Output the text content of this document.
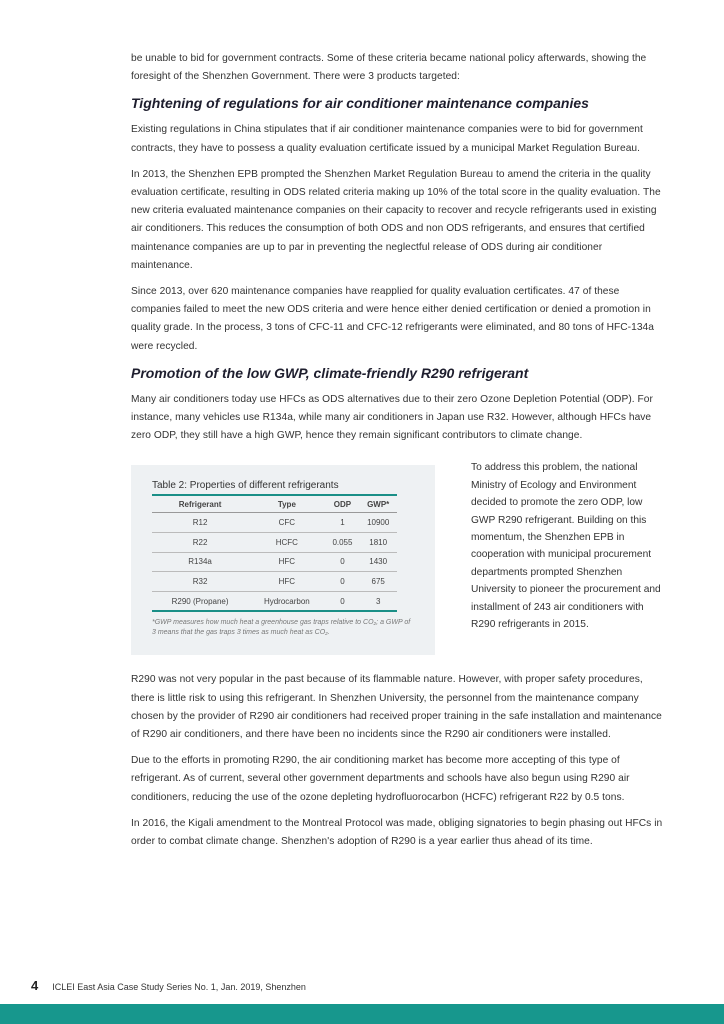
be unable to bid for government contracts. Some of these criteria became national policy afterwards, showing the foresight of the Shenzhen Government. There were 3 products targeted:

Tightening of regulations for air conditioner maintenance companies

Existing regulations in China stipulates that if air conditioner maintenance companies were to bid for government contracts, they have to possess a quality evaluation certificate issued by a municipal Market Regulation Bureau.

In 2013, the Shenzhen EPB prompted the Shenzhen Market Regulation Bureau to amend the criteria in the quality evaluation certificate, resulting in ODS related criteria making up 10% of the total score in the quality evaluation. The new criteria evaluated maintenance companies on their capacity to recover and recycle refrigerants used in existing air conditioners. This reduces the consumption of both ODS and non ODS refrigerants, and ensures that certified maintenance companies are up to par in preventing the neglectful release of ODS during air conditioner maintenance.

Since 2013, over 620 maintenance companies have reapplied for quality evaluation certificates. 47 of these companies failed to meet the new ODS criteria and were hence either denied certification or denied a promotion in quality grade. In the process, 3 tons of CFC-11 and CFC-12 refrigerants were eliminated, and 80 tons of HFC-134a were recycled.

Promotion of the low GWP, climate-friendly R290 refrigerant

Many air conditioners today use HFCs as ODS alternatives due to their zero Ozone Depletion Potential (ODP). For instance, many vehicles use R134a, while many air conditioners in Japan use R32. However, although HFCs have zero ODP, they still have a high GWP, hence they remain significant contributors to climate change.

Table 2: Properties of different refrigerants
Refrigerant	Type	ODP	GWP*
R12	CFC	1	10900
R22	HCFC	0.055	1810
R134a	HFC	0	1430
R32	HFC	0	675
R290 (Propane)	Hydrocarbon	0	3
*GWP measures how much heat a greenhouse gas traps relative to CO₂; a GWP of 3 means that the gas traps 3 times as much heat as CO₂.

To address this problem, the national Ministry of Ecology and Environment decided to promote the zero ODP, low GWP R290 refrigerant. Building on this momentum, the Shenzhen EPB in cooperation with municipal procurement departments prompted Shenzhen University to pioneer the procurement and installment of 243 air conditioners with R290 refrigerants in 2015.

R290 was not very popular in the past because of its flammable nature. However, with proper safety procedures, there is little risk to using this refrigerant. In Shenzhen University, the personnel from the maintenance company chosen by the provider of R290 air conditioners had received proper training in the safe installation and maintenance of R290 air conditioners, and there have been no incidents since the R290 air conditioners were installed.

Due to the efforts in promoting R290, the air conditioning market has become more accepting of this type of refrigerant. As of current, several other government departments and schools have also begun using R290 air conditioners, reducing the use of the ozone depleting hydrofluorocarbon (HCFC) refrigerant R22 by 0.5 tons.

In 2016, the Kigali amendment to the Montreal Protocol was made, obliging signatories to begin phasing out HFCs in order to combat climate change. Shenzhen's adoption of R290 is a year earlier thus ahead of its time.

4 ICLEI East Asia Case Study Series No. 1, Jan. 2019, Shenzhen
